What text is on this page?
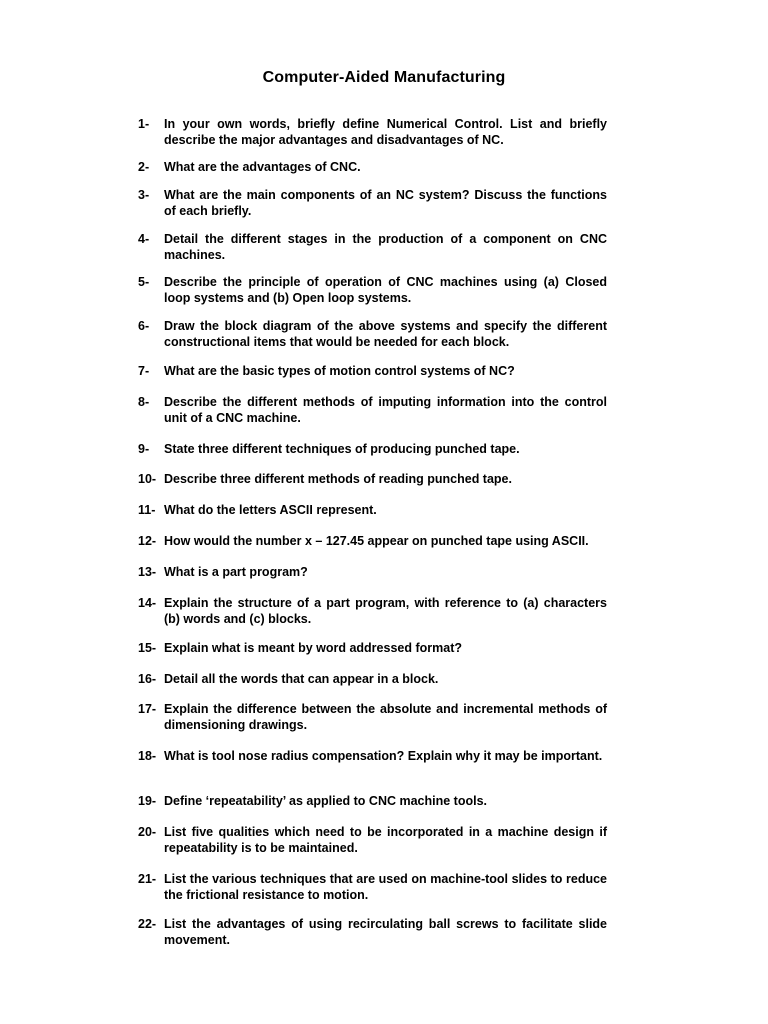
Computer-Aided Manufacturing
1-	In your own words, briefly define Numerical Control. List and briefly describe the major advantages and disadvantages of NC.
2-	What are the advantages of CNC.
3-	What are the main components of an NC system? Discuss the functions of each briefly.
4-	Detail the different stages in the production of a component on CNC machines.
5-	Describe the principle of operation of CNC machines using (a) Closed loop systems and (b) Open loop systems.
6-	Draw the block diagram of the above systems and specify the different constructional items that would be needed for each block.
7-	What are the basic types of motion control systems of NC?
8-	Describe the different methods of imputing information into the control unit of a CNC machine.
9-	State three different techniques of producing punched tape.
10- Describe three different methods of reading punched tape.
11- What do the letters ASCII represent.
12- How would the number x – 127.45 appear on punched tape using ASCII.
13- What is a part program?
14- Explain the structure of a part program, with reference to (a) characters (b) words and (c) blocks.
15- Explain what is meant by word addressed format?
16- Detail all the words that can appear in a block.
17- Explain the difference between the absolute and incremental methods of dimensioning drawings.
18- What is tool nose radius compensation? Explain why it may be important.
19- Define ‘repeatability’ as applied to CNC machine tools.
20- List five qualities which need to be incorporated in a machine design if repeatability is to be maintained.
21- List the various techniques that are used on machine-tool slides to reduce the frictional resistance to motion.
22- List the advantages of using recirculating ball screws to facilitate slide movement.
